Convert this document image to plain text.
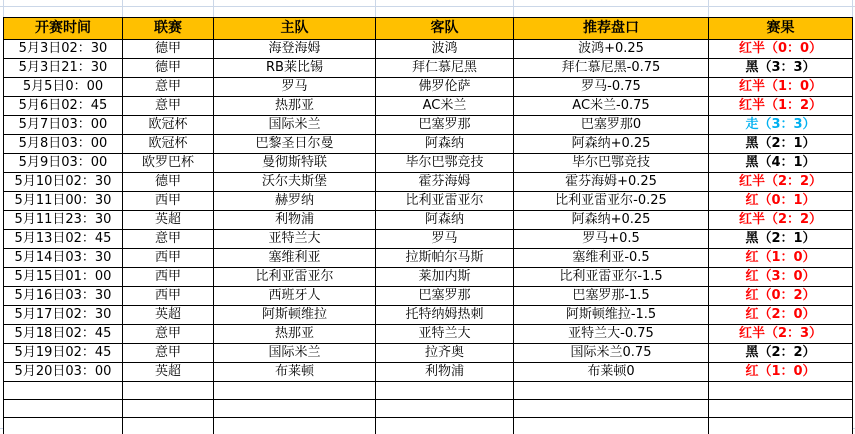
开赛时间	联赛	主队	客队	推荐盘口	赛果
5月3日02：30	德甲	海登海姆	波鸿	波鸿+0.25	红半（0：0）
5月3日21：30	德甲	RB莱比锡	拜仁慕尼黑	拜仁慕尼黑-0.75	黑（3：3）
5月5日0：00	意甲	罗马	佛罗伦萨	罗马-0.75	红半（1：0）
5月6日02：45	意甲	热那亚	AC米兰	AC米兰-0.75	红半（1：2）
5月7日03：00	欧冠杯	国际米兰	巴塞罗那	巴塞罗那0	走（3：3）
5月8日03：00	欧冠杯	巴黎圣日尔曼	阿森纳	阿森纳+0.25	黑（2：1）
5月9日03：00	欧罗巴杯	曼彻斯特联	毕尔巴鄂竞技	毕尔巴鄂竞技	黑（4：1）
5月10日02：30	德甲	沃尔夫斯堡	霍芬海姆	霍芬海姆+0.25	红半（2：2）
5月11日00：30	西甲	赫罗纳	比利亚雷亚尔	比利亚雷亚尔-0.25	红（0：1）
5月11日23：30	英超	利物浦	阿森纳	阿森纳+0.25	红半（2：2）
5月13日02：45	意甲	亚特兰大	罗马	罗马+0.5	黑（2：1）
5月14日03：30	西甲	塞维利亚	拉斯帕尔马斯	塞维利亚-0.5	红（1：0）
5月15日01：00	西甲	比利亚雷亚尔	莱加内斯	比利亚雷亚尔-1.5	红（3：0）
5月16日03：30	西甲	西班牙人	巴塞罗那	巴塞罗那-1.5	红（0：2）
5月17日02：30	英超	阿斯顿维拉	托特纳姆热刺	阿斯顿维拉-1.5	红（2：0）
5月18日02：45	意甲	热那亚	亚特兰大	亚特兰大-0.75	红半（2：3）
5月19日02：45	意甲	国际米兰	拉齐奥	国际米兰0.75	黑（2：2）
5月20日03：00	英超	布莱顿	利物浦	布莱顿0	红（1：0）
